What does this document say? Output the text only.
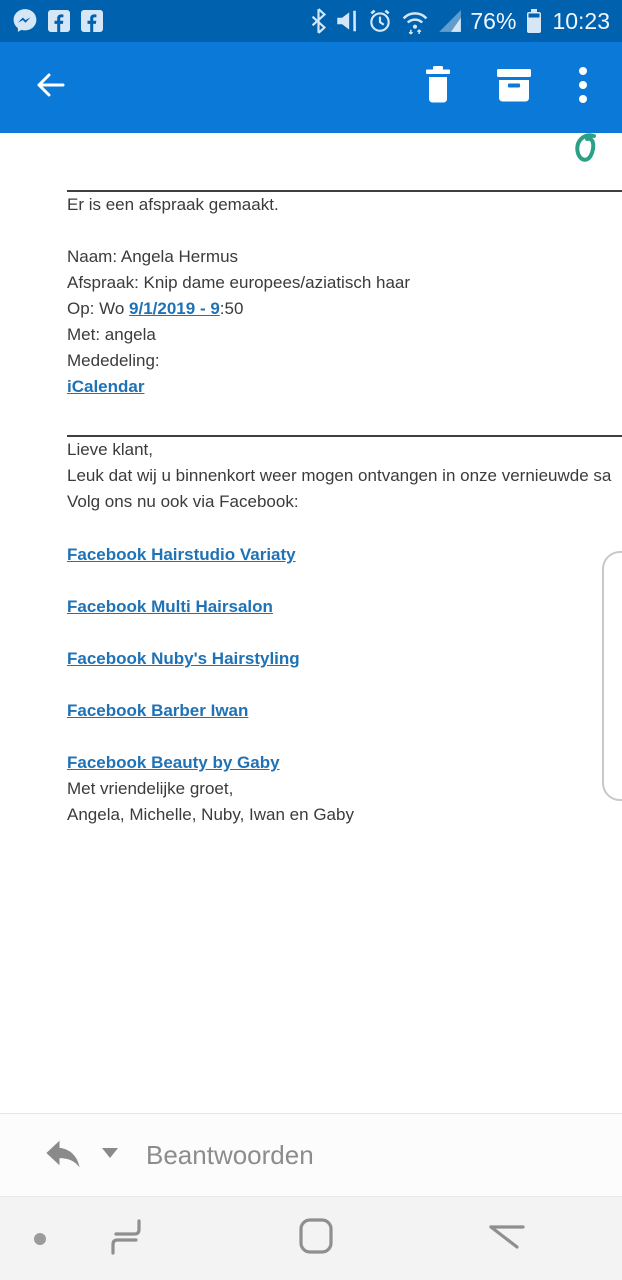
76% 10:23

Er is een afspraak gemaakt.

Naam: Angela Hermus

Afspraak: Knip dame europees/aziatisch haar

Op: Wo 9/1/2019 - 9:50

Met: angela

Mededeling:

iCalendar

Lieve klant,

Leuk dat wij u binnenkort weer mogen ontvangen in onze vernieuwde sa

Volg ons nu ook via Facebook:

Facebook Hairstudio Variaty
Facebook Multi Hairsalon
Facebook Nuby's Hairstyling
Facebook Barber Iwan
Facebook Beauty by Gaby

Met vriendelijke groet,

Angela, Michelle, Nuby, Iwan en Gaby

Beantwoorden
